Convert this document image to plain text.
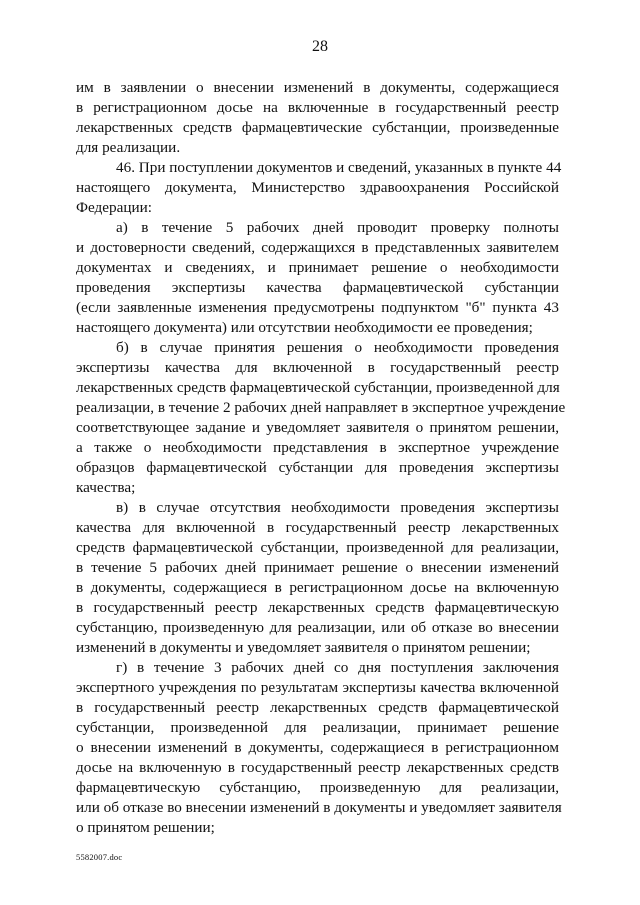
28
им в заявлении о внесении изменений в документы, содержащиеся
в регистрационном досье на включенные в государственный реестр
лекарственных средств фармацевтические субстанции, произведенные
для реализации.
46. При поступлении документов и сведений, указанных в пункте 44
настоящего документа, Министерство здравоохранения Российской
Федерации:
а) в течение 5 рабочих дней проводит проверку полноты
и достоверности сведений, содержащихся в представленных заявителем
документах и сведениях, и принимает решение о необходимости
проведения экспертизы качества фармацевтической субстанции
(если заявленные изменения предусмотрены подпунктом "б" пункта 43
настоящего документа) или отсутствии необходимости ее проведения;
б) в случае принятия решения о необходимости проведения
экспертизы качества для включенной в государственный реестр
лекарственных средств фармацевтической субстанции, произведенной для
реализации, в течение 2 рабочих дней направляет в экспертное учреждение
соответствующее задание и уведомляет заявителя о принятом решении,
а также о необходимости представления в экспертное учреждение
образцов фармацевтической субстанции для проведения экспертизы
качества;
в) в случае отсутствия необходимости проведения экспертизы
качества для включенной в государственный реестр лекарственных
средств фармацевтической субстанции, произведенной для реализации,
в течение 5 рабочих дней принимает решение о внесении изменений
в документы, содержащиеся в регистрационном досье на включенную
в государственный реестр лекарственных средств фармацевтическую
субстанцию, произведенную для реализации, или об отказе во внесении
изменений в документы и уведомляет заявителя о принятом решении;
г) в течение 3 рабочих дней со дня поступления заключения
экспертного учреждения по результатам экспертизы качества включенной
в государственный реестр лекарственных средств фармацевтической
субстанции, произведенной для реализации, принимает решение
о внесении изменений в документы, содержащиеся в регистрационном
досье на включенную в государственный реестр лекарственных средств
фармацевтическую субстанцию, произведенную для реализации,
или об отказе во внесении изменений в документы и уведомляет заявителя
о принятом решении;
5582007.doc
